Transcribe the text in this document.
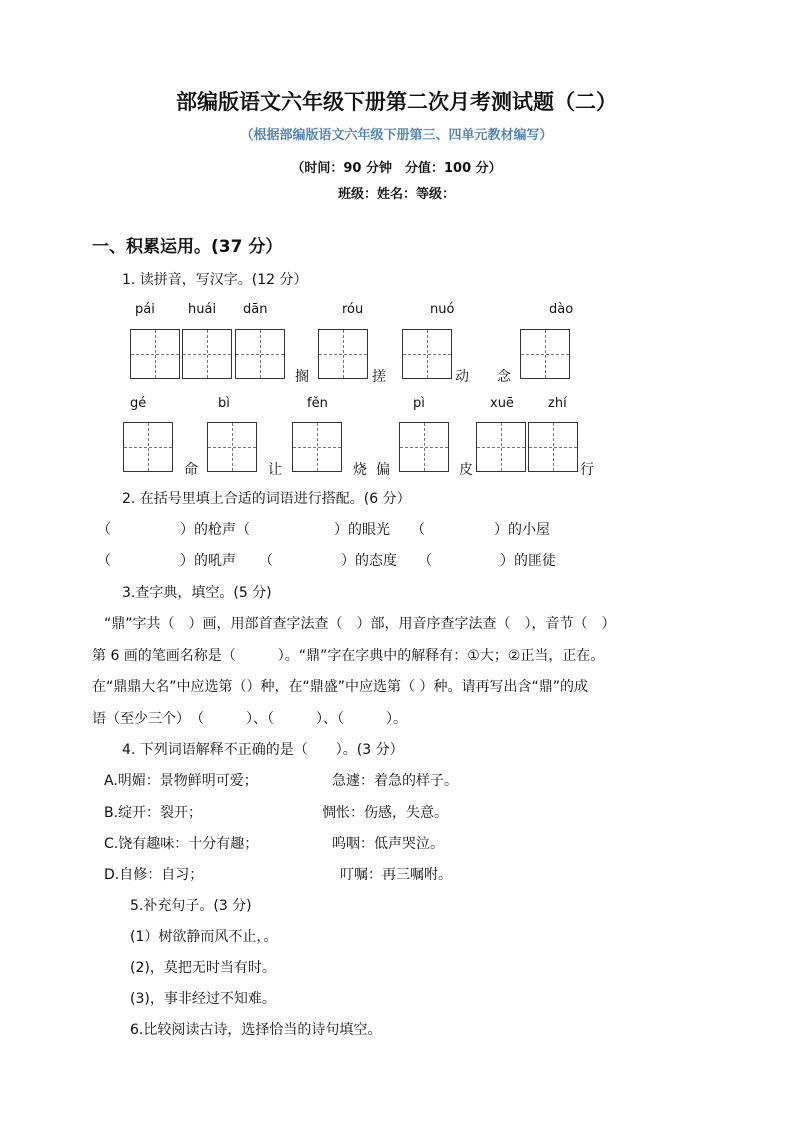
部编版语文六年级下册第二次月考测试题（二）
（根据部编版语文六年级下册第三、四单元教材编写）
（时间：90 分钟　分值：100 分）
班级：姓名：等级：
一、积累运用。(37 分）
1. 读拼音，写汉字。(12 分）
pái	huái dān	róu	nuó	dào
搁	搓	动 念
gé	bì	fěn	pì	xuē	zhí
命	让	烧 偏	皮	行
2. 在括号里填上合适的词语进行搭配。(6 分）
（	）的枪声（	）的眼光 （	）的小屋
（	）的吼声 （	）的态度 （	）的匪徒
3.查字典，填空。(5 分)
“鼎”字共（　）画，用部首查字法查（　）部，用音序查字法查（　），音节（　）
第 6 画的笔画名称是（　　　）。“鼎”字在字典中的解释有：①大；②正当，正在。
在“鼎鼎大名”中应选第（）种，在“鼎盛”中应选第（ ）种。请再写出含“鼎”的成
语（至少三个）　（　　　）、（　　　）、（　　　）。
4. 下列词语解释不正确的是（　　）。(3 分）
A.明媚：景物鲜明可爱；	急遽：着急的样子。
B.绽开：裂开；	惆怅：伤感，失意。
C.饶有趣味：十分有趣；	呜咽：低声哭泣。
D.自修：自习；	叮嘱：再三嘱咐。
5.补充句子。(3 分)
(1）树欲静而风不止，。
(2)，莫把无时当有时。
(3)，事非经过不知难。
6.比较阅读古诗，选择恰当的诗句填空。
